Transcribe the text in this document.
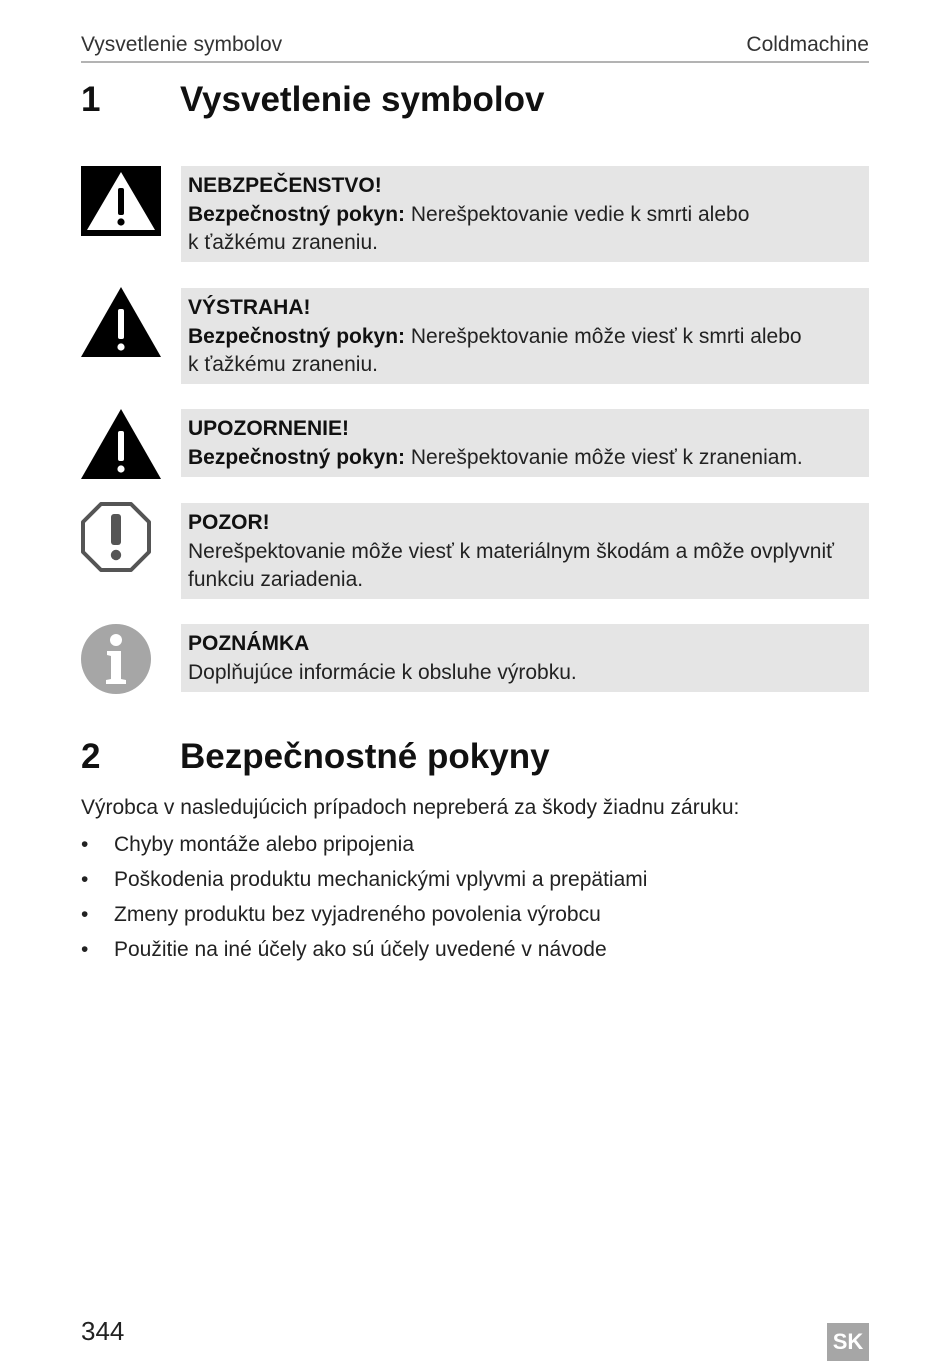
Vysvetlenie symbolov	Coldmachine
1 Vysvetlenie symbolov
NEBZPEČENSTVO!
Bezpečnostný pokyn: Nerešpektovanie vedie k smrti alebo
k ťažkému zraneniu.
VÝSTRAHA!
Bezpečnostný pokyn: Nerešpektovanie môže viesť k smrti alebo
k ťažkému zraneniu.
UPOZORNENIE!
Bezpečnostný pokyn: Nerešpektovanie môže viesť k zraneniam.
POZOR!
Nerešpektovanie môže viesť k materiálnym škodám a môže ovplyvniť
funkciu zariadenia.
POZNÁMKA
Doplňujúce informácie k obsluhe výrobku.
2 Bezpečnostné pokyny
Výrobca v nasledujúcich prípadoch nepreberá za škody žiadnu záruku:
• Chyby montáže alebo pripojenia
• Poškodenia produktu mechanickými vplyvmi a prepätiami
• Zmeny produktu bez vyjadreného povolenia výrobcu
• Použitie na iné účely ako sú účely uvedené v návode
344	SK
